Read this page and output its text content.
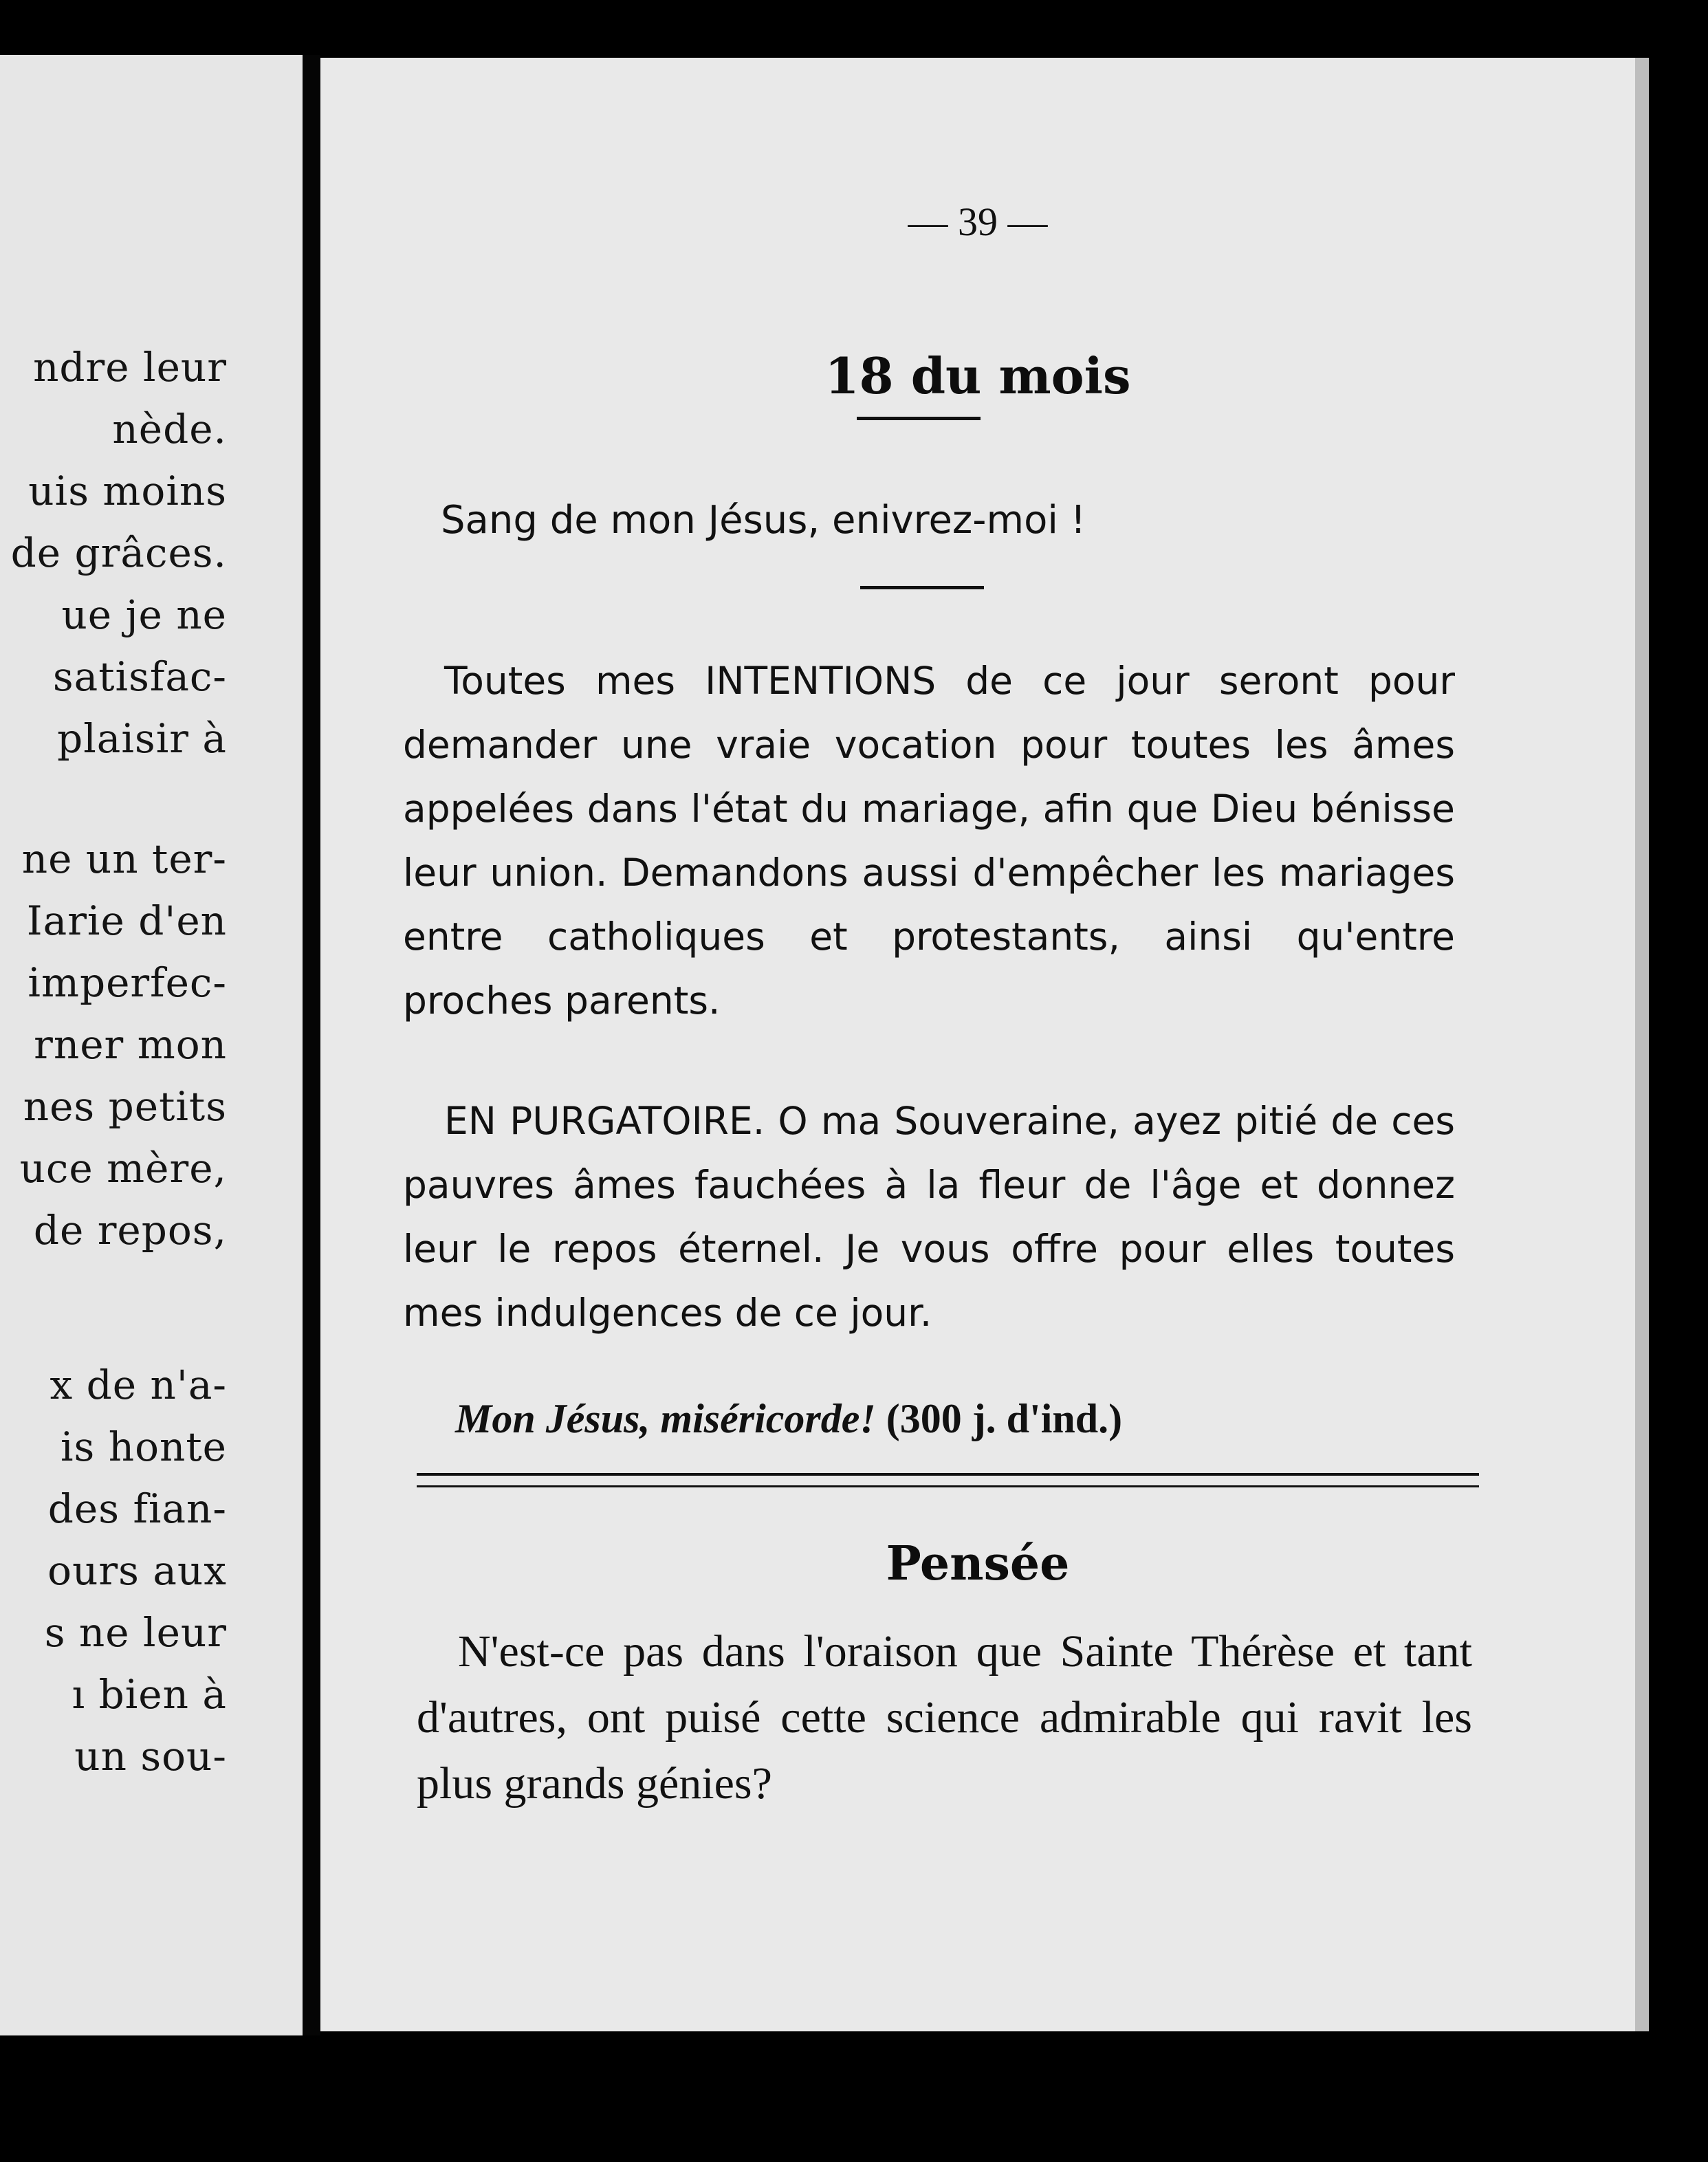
ndre leur
nède.
uis moins
de grâces.
ue je ne
satisfac-
plaisir à
ne un ter-
Iarie d'en
imperfec-
rner mon
nes petits
uce mère,
de repos,
x de n'a-
is honte
des fian-
ours aux
s ne leur
ı bien à
un sou-
— 39 —
18 du mois
Sang de mon Jésus, enivrez-moi !
Toutes mes INTENTIONS de ce jour seront pour demander une vraie vocation pour toutes les âmes appelées dans l'état du mariage, afin que Dieu bénisse leur union. Demandons aussi d'empêcher les mariages entre catholiques et protestants, ainsi qu'entre proches parents.
EN PURGATOIRE. O ma Souveraine, ayez pitié de ces pauvres âmes fauchées à la fleur de l'âge et donnez leur le repos éternel. Je vous offre pour elles toutes mes indulgences de ce jour.
Mon Jésus, miséricorde! (300 j. d'ind.)
Pensée
N'est-ce pas dans l'oraison que Sainte Thérèse et tant d'autres, ont puisé cette science admirable qui ravit les plus grands génies?
